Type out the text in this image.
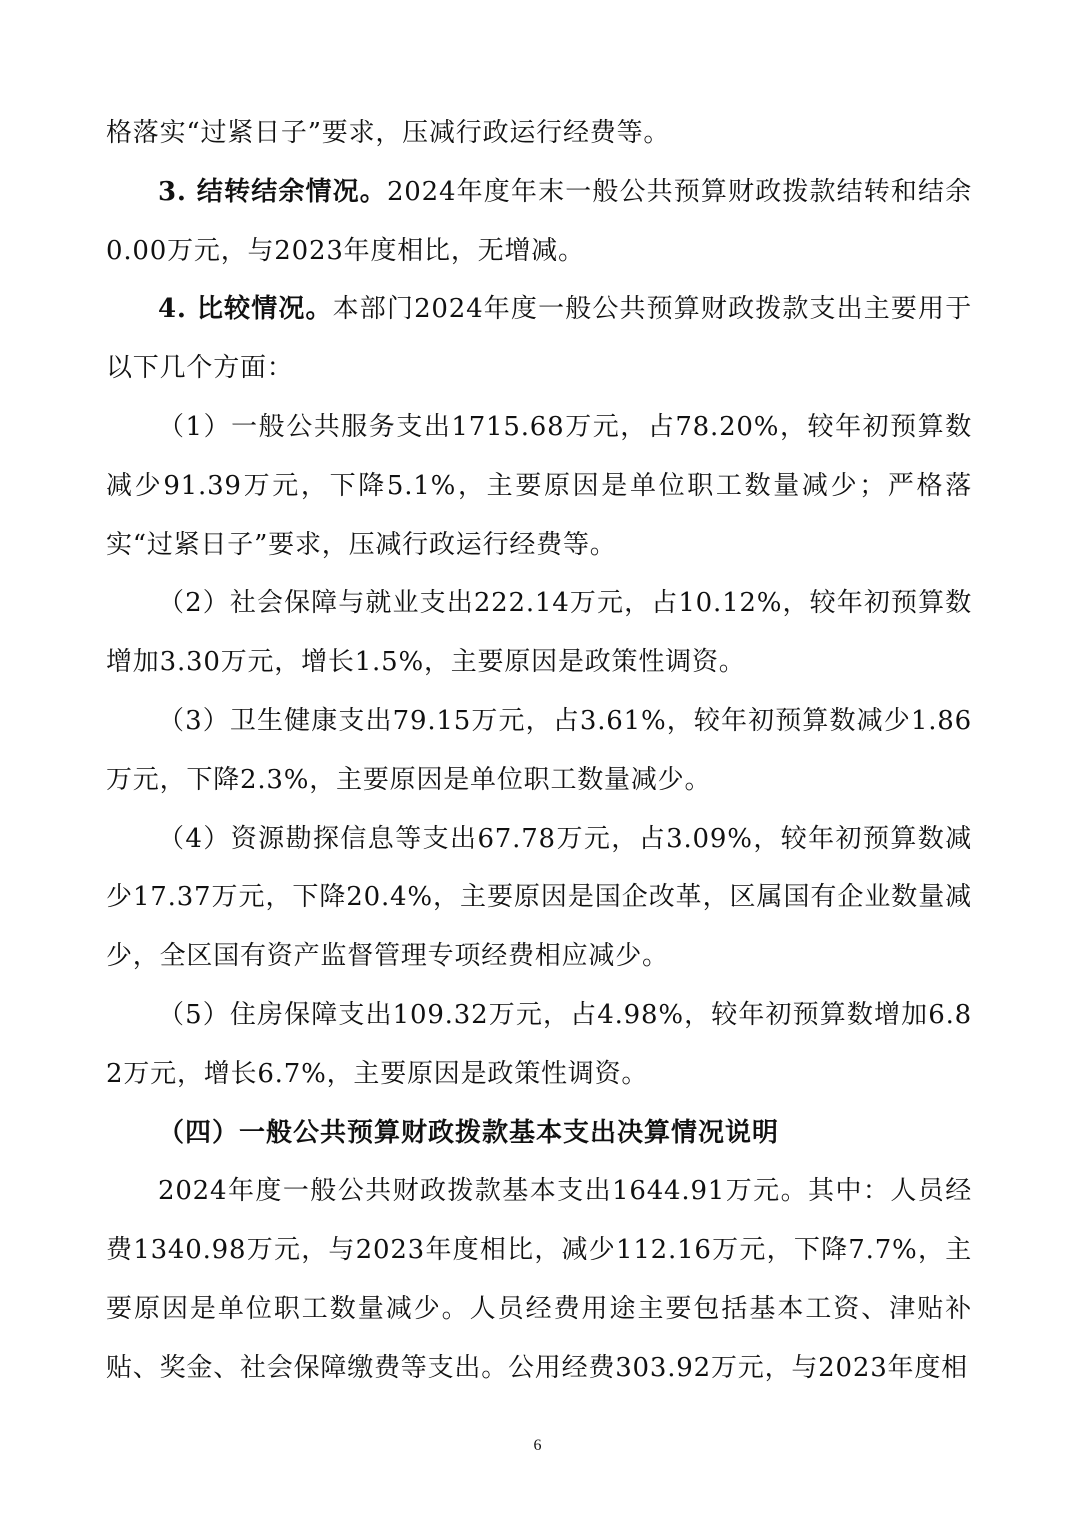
格落实“过紧日子”要求，压减行政运行经费等。

3. 结转结余情况。2024年度年末一般公共预算财政拨款结转和结余0.00万元，与2023年度相比，无增减。

4. 比较情况。本部门2024年度一般公共预算财政拨款支出主要用于以下几个方面：

（1）一般公共服务支出1715.68万元，占78.20%，较年初预算数减少91.39万元，下降5.1%，主要原因是单位职工数量减少；严格落实“过紧日子”要求，压减行政运行经费等。

（2）社会保障与就业支出222.14万元，占10.12%，较年初预算数增加3.30万元，增长1.5%，主要原因是政策性调资。

（3）卫生健康支出79.15万元，占3.61%，较年初预算数减少1.86万元，下降2.3%，主要原因是单位职工数量减少。

（4）资源勘探信息等支出67.78万元，占3.09%，较年初预算数减少17.37万元，下降20.4%，主要原因是国企改革，区属国有企业数量减少，全区国有资产监督管理专项经费相应减少。

（5）住房保障支出109.32万元，占4.98%，较年初预算数增加6.82万元，增长6.7%，主要原因是政策性调资。

（四）一般公共预算财政拨款基本支出决算情况说明

2024年度一般公共财政拨款基本支出1644.91万元。其中：人员经费1340.98万元，与2023年度相比，减少112.16万元，下降7.7%，主要原因是单位职工数量减少。人员经费用途主要包括基本工资、津贴补贴、奖金、社会保障缴费等支出。公用经费303.92万元，与2023年度相

6
